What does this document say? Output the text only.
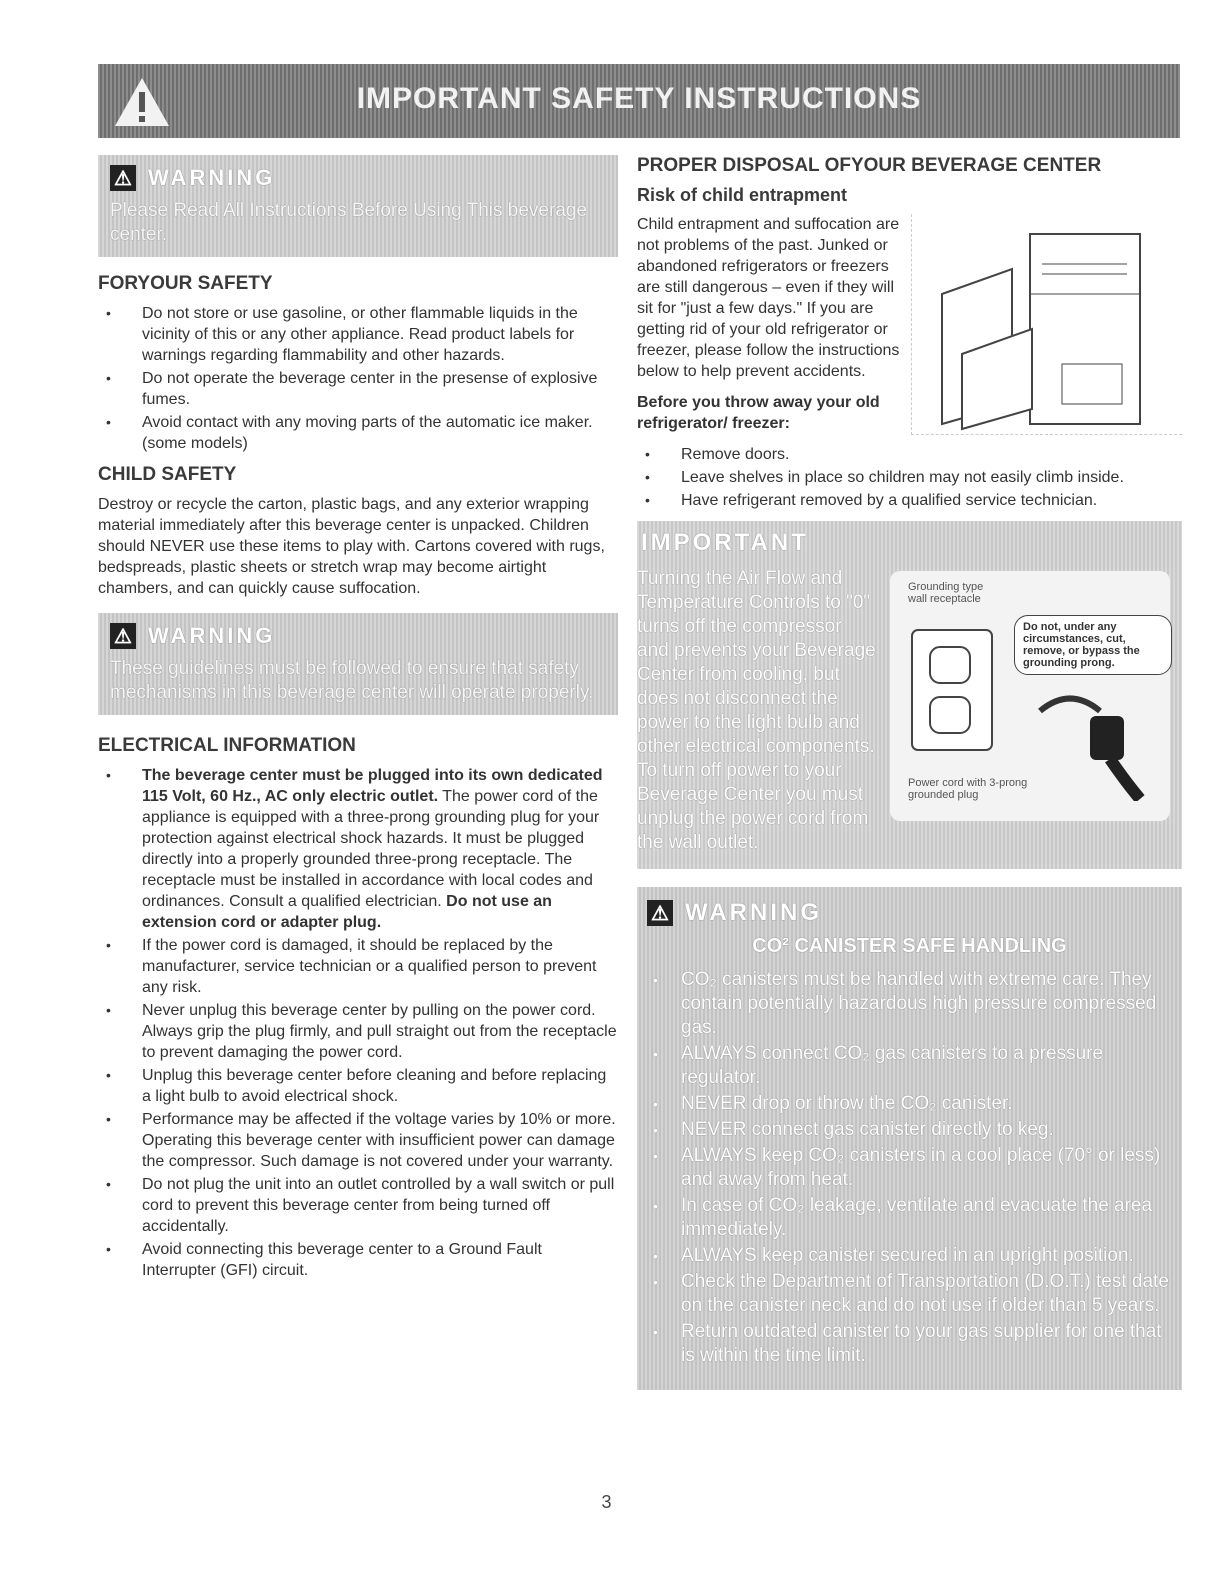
IMPORTANT SAFETY INSTRUCTIONS
⚠ WARNING
Please Read All Instructions Before Using This beverage center.
FORYOUR SAFETY
• Do not store or use gasoline, or other flammable liquids in the vicinity of this or any other appliance. Read product labels for warnings regarding flammability and other hazards.
• Do not operate the beverage center in the presense of explosive fumes.
• Avoid contact with any moving parts of the automatic ice maker. (some models)
CHILD SAFETY

Destroy or recycle the carton, plastic bags, and any exterior wrapping material immediately after this beverage center is unpacked. Children should NEVER use these items to play with. Cartons covered with rugs, bedspreads, plastic sheets or stretch wrap may become airtight chambers, and can quickly cause suffocation.

⚠ WARNING
These guidelines must be followed to ensure that safety mechanisms in this beverage center will operate properly.
ELECTRICAL INFORMATION
• The beverage center must be plugged into its own dedicated 115 Volt, 60 Hz., AC only electric outlet. The power cord of the appliance is equipped with a three-prong grounding plug for your protection against electrical shock hazards. It must be plugged directly into a properly grounded three-prong receptacle. The receptacle must be installed in accordance with local codes and ordinances. Consult a qualified electrician. Do not use an extension cord or adapter plug.
• If the power cord is damaged, it should be replaced by the manufacturer, service technician or a qualified person to prevent any risk.
• Never unplug this beverage center by pulling on the power cord. Always grip the plug firmly, and pull straight out from the receptacle to prevent damaging the power cord.
• Unplug this beverage center before cleaning and before replacing a light bulb to avoid electrical shock.
• Performance may be affected if the voltage varies by 10% or more. Operating this beverage center with insufficient power can damage the compressor. Such damage is not covered under your warranty.
• Do not plug the unit into an outlet controlled by a wall switch or pull cord to prevent this beverage center from being turned off accidentally.
• Avoid connecting this beverage center to a Ground Fault Interrupter (GFI) circuit.
PROPER DISPOSAL OFYOUR BEVERAGE CENTER
Risk of child entrapment

Child entrapment and suffocation are not problems of the past. Junked or abandoned refrigerators or freezers are still dangerous – even if they will sit for "just a few days." If you are getting rid of your old refrigerator or freezer, please follow the instructions below to help prevent accidents.

Before you throw away your old refrigerator/ freezer:

• Remove doors.
• Leave shelves in place so children may not easily climb inside.
• Have refrigerant removed by a qualified service technician.
IMPORTANT
Turning the Air Flow and Temperature Controls to "0" turns off the compressor and prevents your Beverage Center from cooling, but does not disconnect the power to the light bulb and other electrical components. To turn off power to your Beverage Center you must unplug the power cord from the wall outlet.
Grounding type wall receptacle
Do not, under any circumstances, cut, remove, or bypass the grounding prong.
Power cord with 3-prong grounded plug
⚠ WARNING
CO² CANISTER SAFE HANDLING
• CO₂ canisters must be handled with extreme care. They contain potentially hazardous high pressure compressed gas.
• ALWAYS connect CO₂ gas canisters to a pressure regulator.
• NEVER drop or throw the CO₂ canister.
• NEVER connect gas canister directly to keg.
• ALWAYS keep CO₂ canisters in a cool place (70° or less) and away from heat.
• In case of CO₂ leakage, ventilate and evacuate the area immediately.
• ALWAYS keep canister secured in an upright position.
• Check the Department of Transportation (D.O.T.) test date on the canister neck and do not use if older than 5 years.
• Return outdated canister to your gas supplier for one that is within the time limit.
3
